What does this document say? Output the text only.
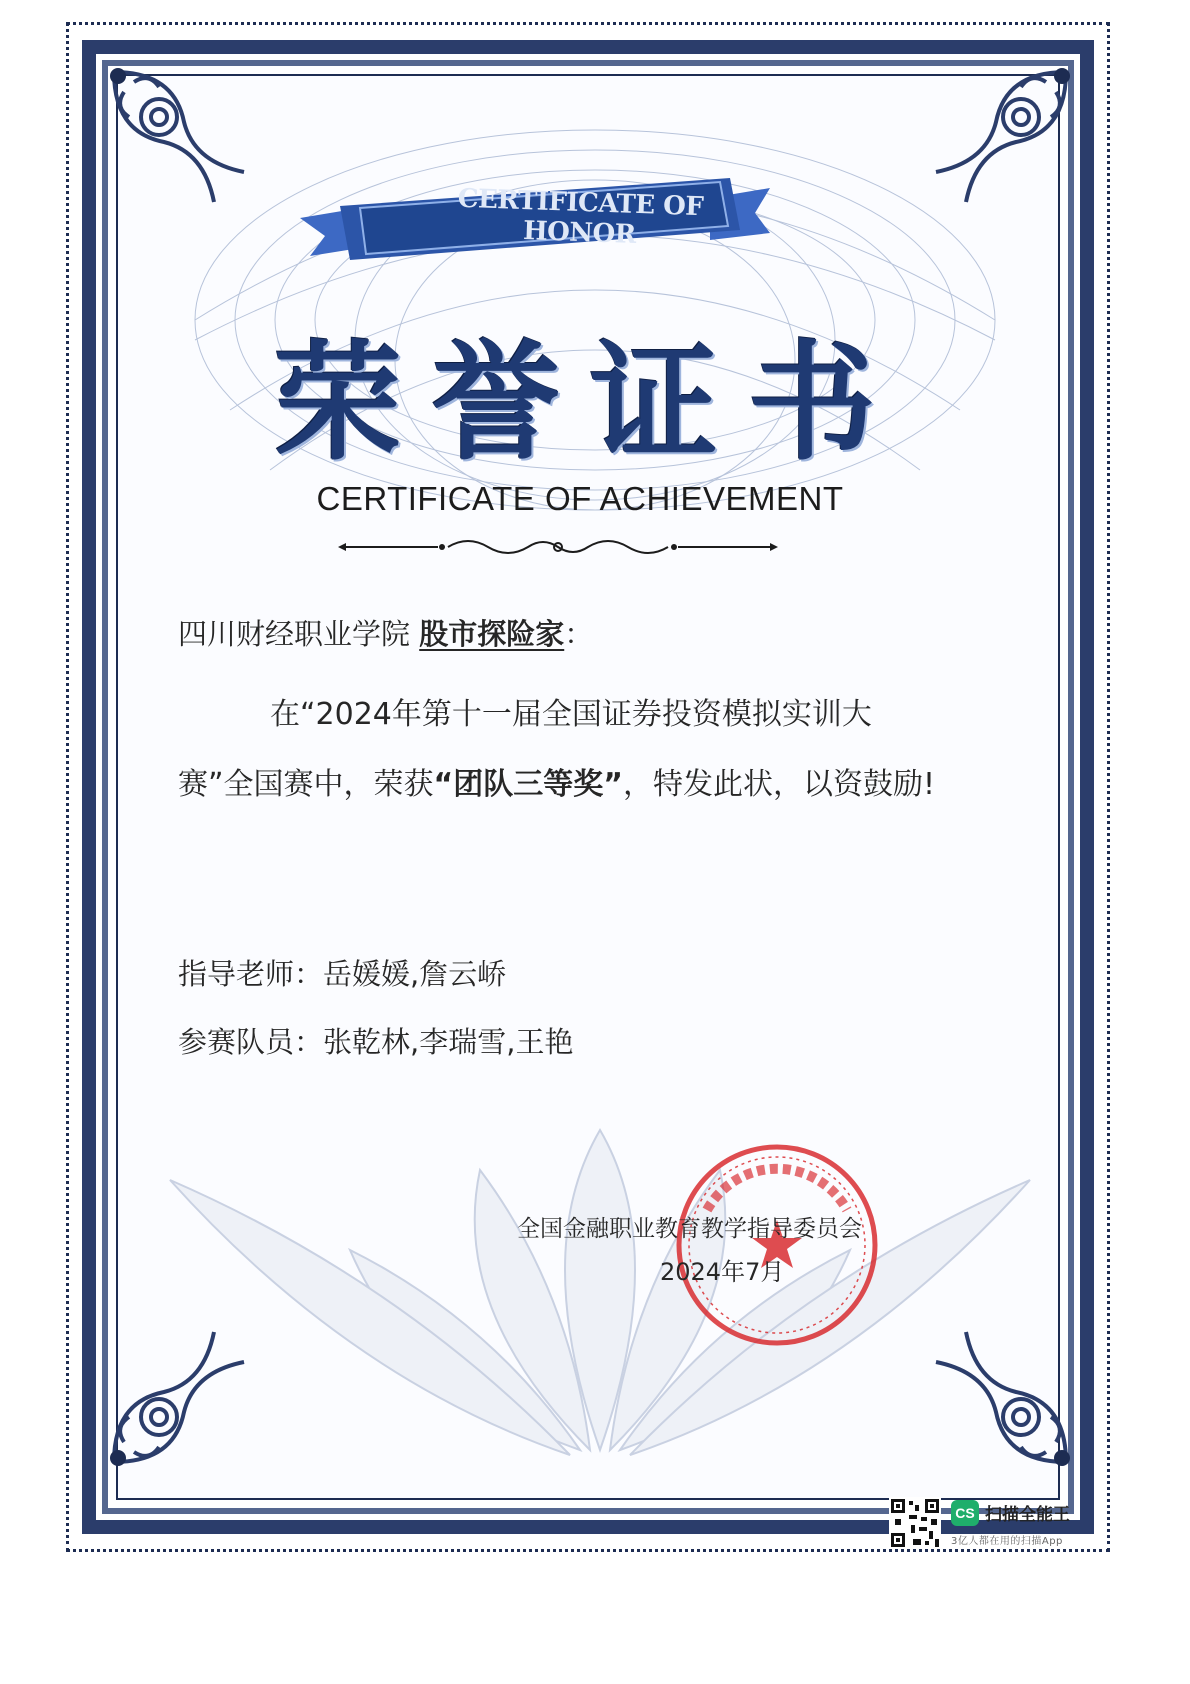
CERTIFICATE OF HONOR
荣誉证书
CERTIFICATE OF ACHIEVEMENT
四川财经职业学院 股市探险家：
在“2024年第十一届全国证券投资模拟实训大赛”全国赛中，荣获“团队三等奖”，特发此状，以资鼓励!
指导老师：岳媛媛,詹云峤
参赛队员：张乾林,李瑞雪,王艳
全国金融职业教育教学指导委员会
2024年7月
CS 扫描全能王
3亿人都在用的扫描App
